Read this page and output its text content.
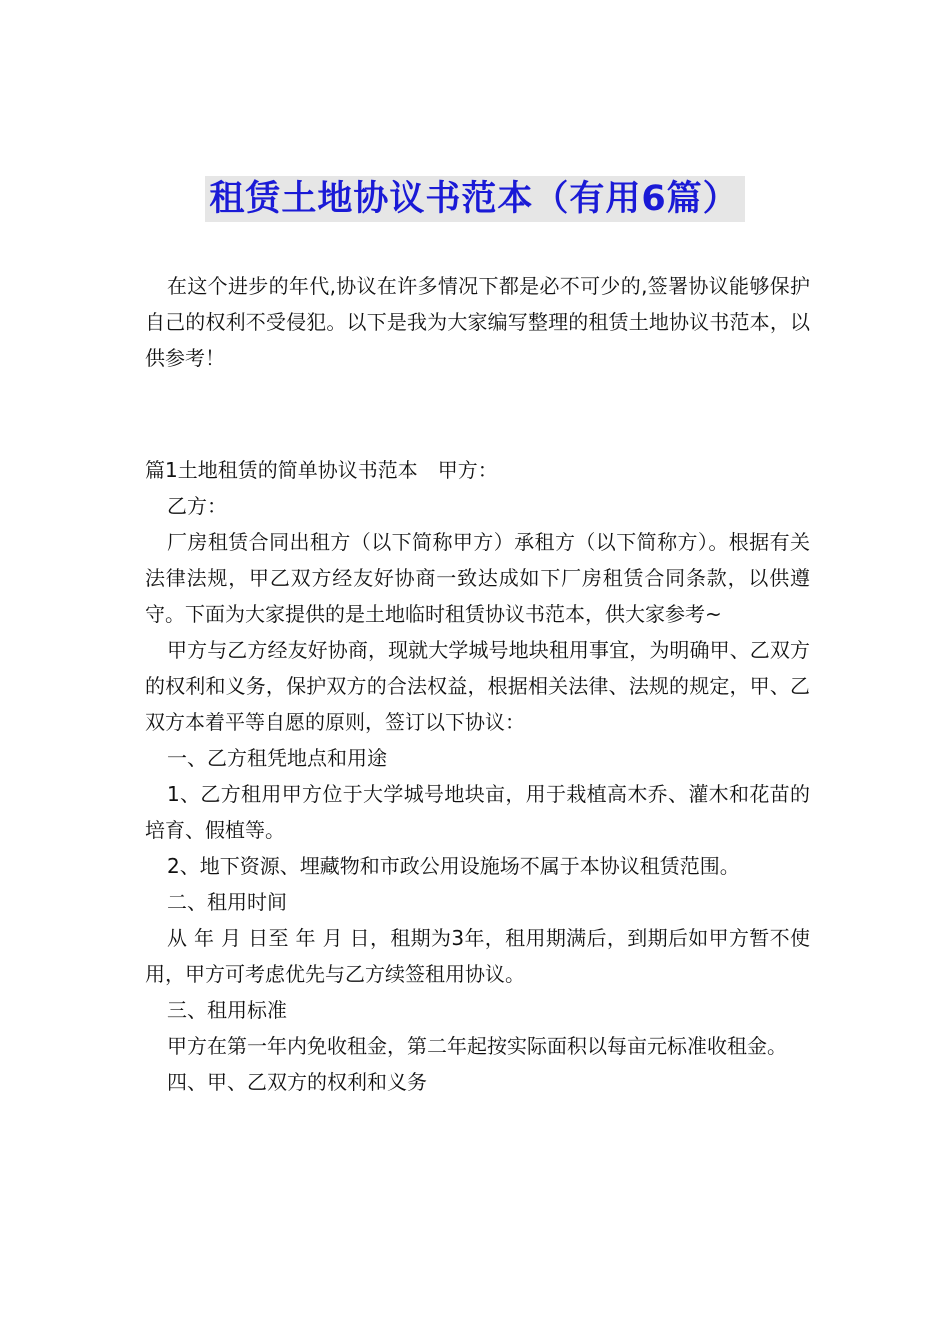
租赁土地协议书范本（有用6篇）

在这个进步的年代,协议在许多情况下都是必不可少的,签署协议能够保护自己的权利不受侵犯。以下是我为大家编写整理的租赁土地协议书范本，以供参考！

篇1土地租赁的简单协议书范本　甲方：

乙方：

厂房租赁合同出租方（以下简称甲方）承租方（以下简称方）。根据有关法律法规，甲乙双方经友好协商一致达成如下厂房租赁合同条款，以供遵守。下面为大家提供的是土地临时租赁协议书范本，供大家参考~

甲方与乙方经友好协商，现就大学城号地块租用事宜，为明确甲、乙双方的权利和义务，保护双方的合法权益，根据相关法律、法规的规定，甲、乙双方本着平等自愿的原则，签订以下协议：

一、乙方租凭地点和用途

1、乙方租用甲方位于大学城号地块亩，用于栽植高木乔、灌木和花苗的培育、假植等。

2、地下资源、埋藏物和市政公用设施场不属于本协议租赁范围。

二、租用时间

从 年 月 日至 年 月 日，租期为3年，租用期满后，到期后如甲方暂不使用，甲方可考虑优先与乙方续签租用协议。

三、租用标准

甲方在第一年内免收租金，第二年起按实际面积以每亩元标准收租金。

四、甲、乙双方的权利和义务
